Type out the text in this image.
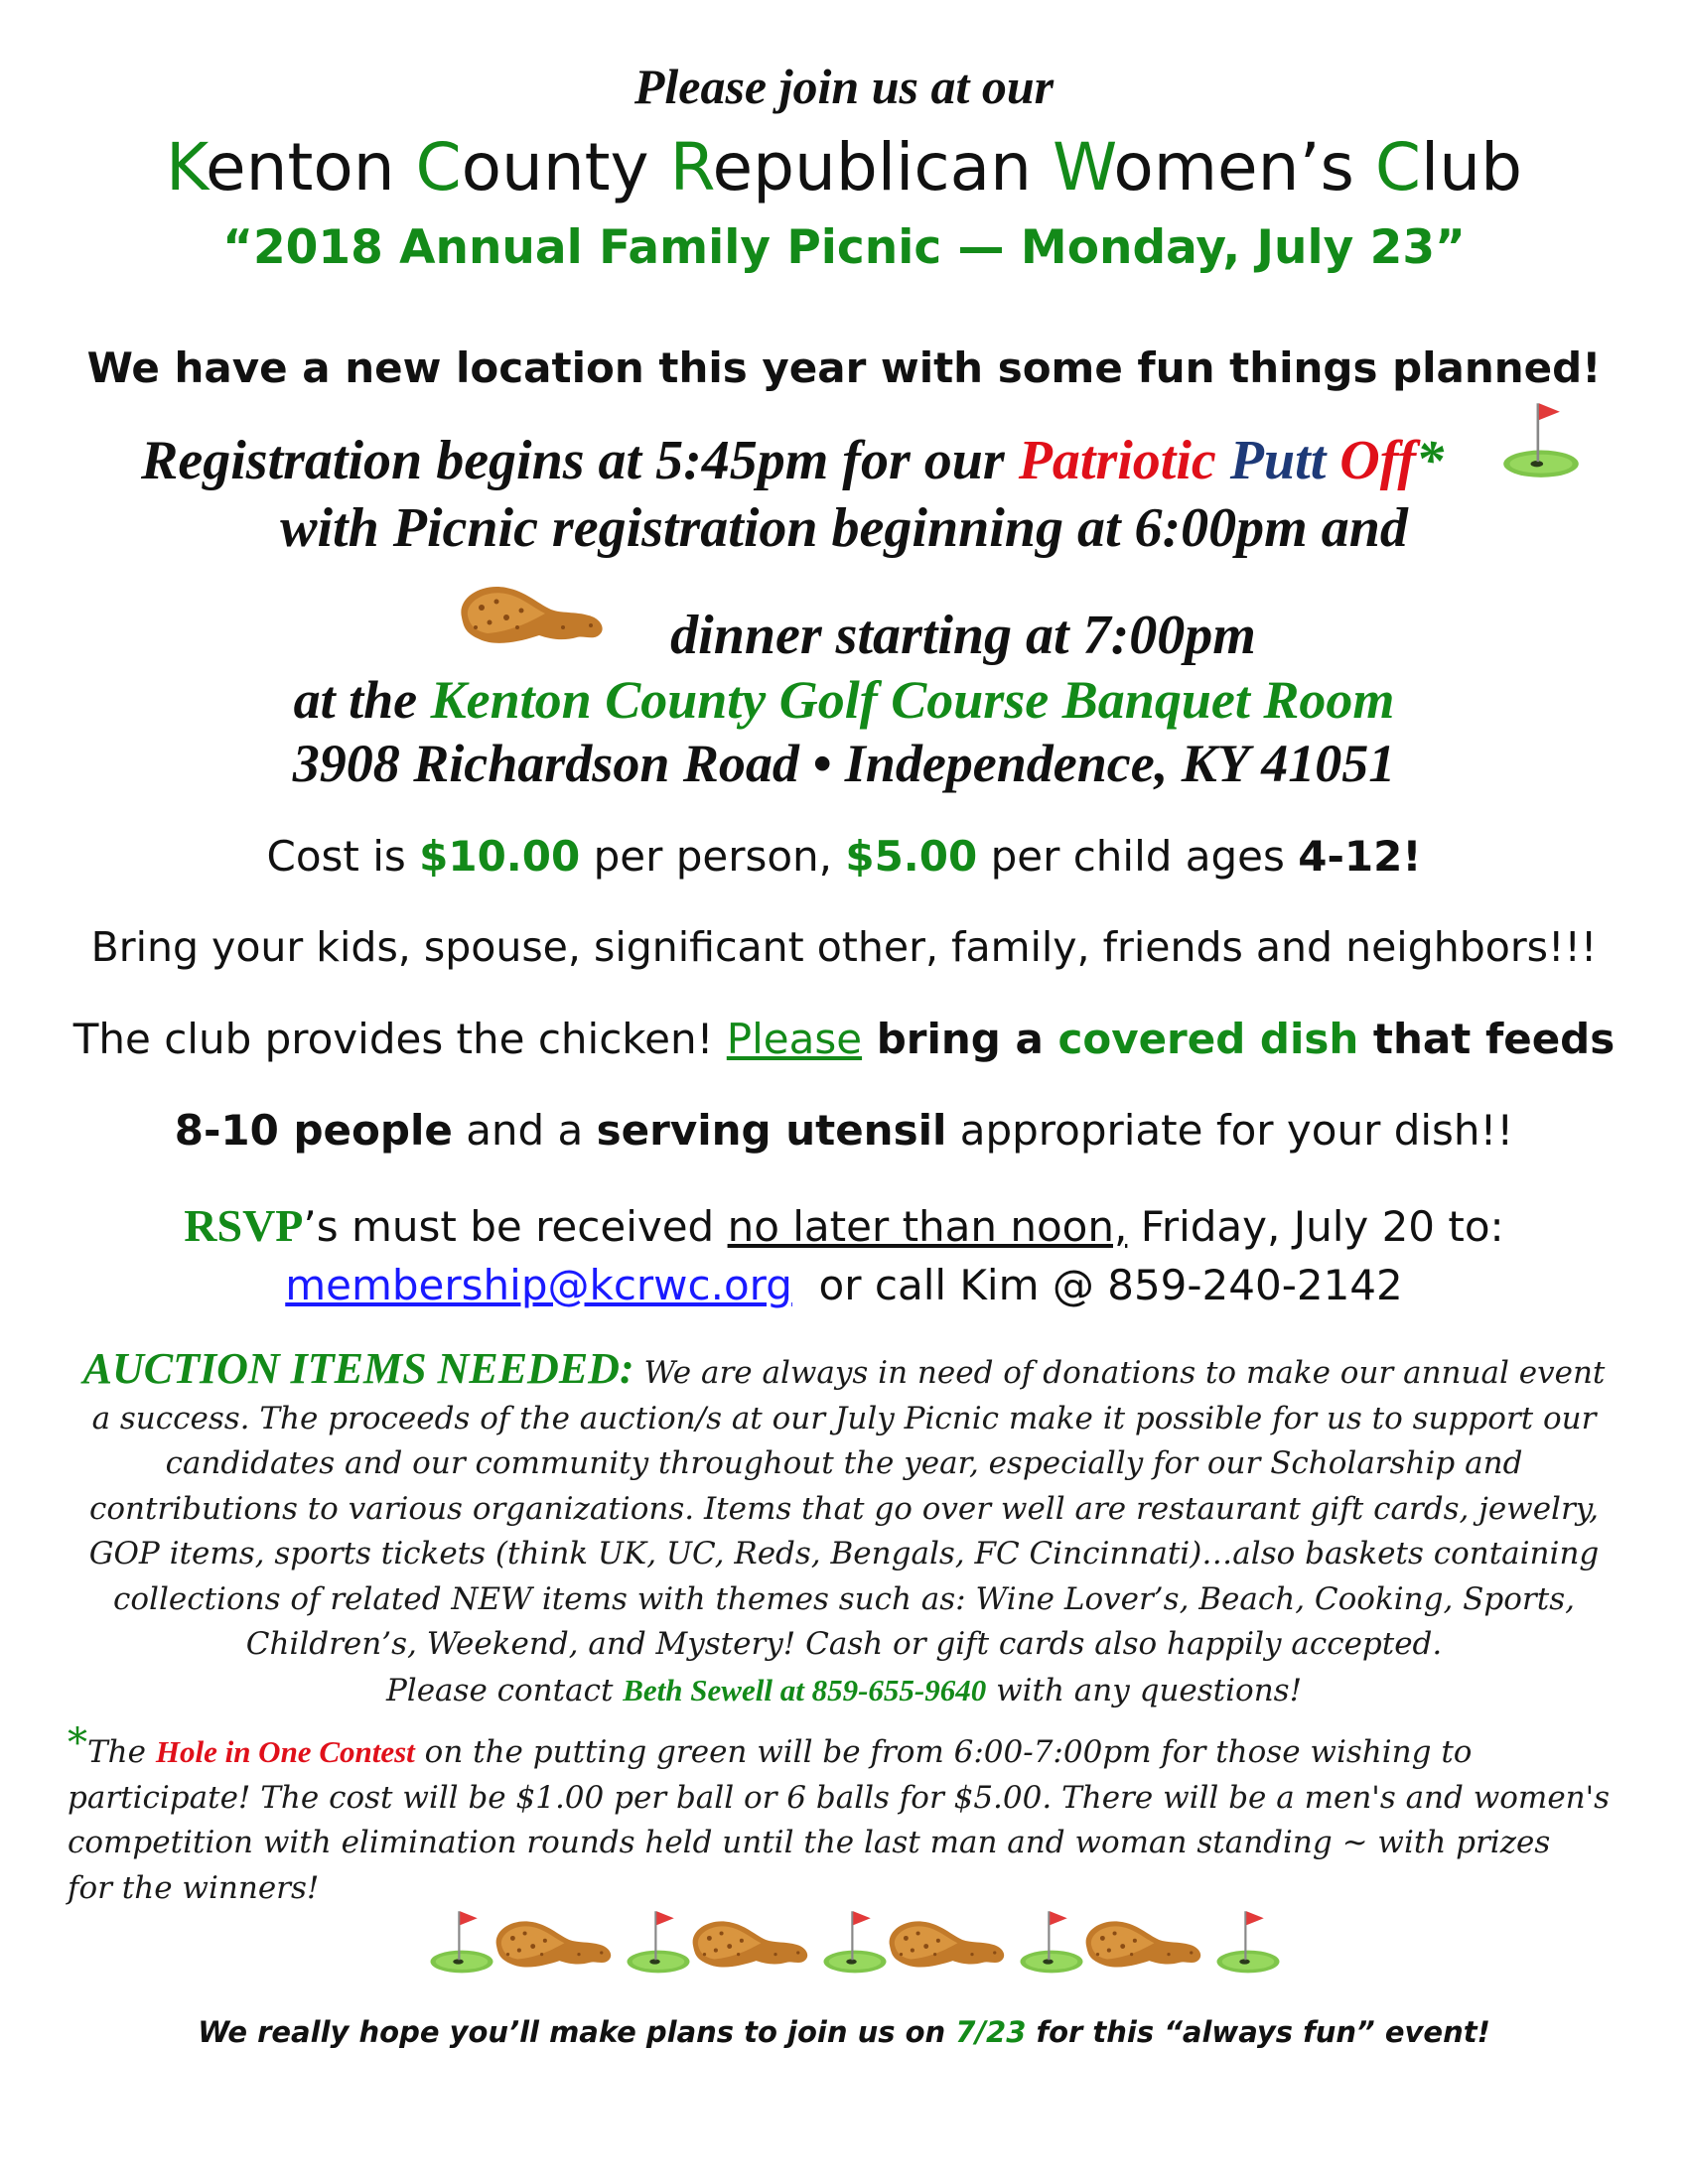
Please join us at our
Kenton County Republican Women’s Club
“2018 Annual Family Picnic — Monday, July 23”
We have a new location this year with some fun things planned!
Registration begins at 5:45pm for our Patriotic Putt Off*
with Picnic registration beginning at 6:00pm and
dinner starting at 7:00pm
at the Kenton County Golf Course Banquet Room
3908 Richardson Road • Independence, KY 41051
Cost is $10.00 per person, $5.00 per child ages 4-12!
Bring your kids, spouse, significant other, family, friends and neighbors!!!
The club provides the chicken! Please bring a covered dish that feeds
8-10 people and a serving utensil appropriate for your dish!!
RSVP’s must be received no later than noon, Friday, July 20 to:
membership@kcrwc.org  or call Kim @ 859-240-2142
AUCTION ITEMS NEEDED: We are always in need of donations to make our annual event
a success. The proceeds of the auction/s at our July Picnic make it possible for us to support our
candidates and our community throughout the year, especially for our Scholarship and
contributions to various organizations. Items that go over well are restaurant gift cards, jewelry,
GOP items, sports tickets (think UK, UC, Reds, Bengals, FC Cincinnati)…also baskets containing
collections of related NEW items with themes such as: Wine Lover’s, Beach, Cooking, Sports,
Children’s, Weekend, and Mystery! Cash or gift cards also happily accepted.
Please contact Beth Sewell at 859-655-9640 with any questions!
*The Hole in One Contest on the putting green will be from 6:00-7:00pm for those wishing to
participate! The cost will be $1.00 per ball or 6 balls for $5.00. There will be a men's and women's
competition with elimination rounds held until the last man and woman standing ~ with prizes
for the winners!
We really hope you’ll make plans to join us on 7/23 for this “always fun” event!
